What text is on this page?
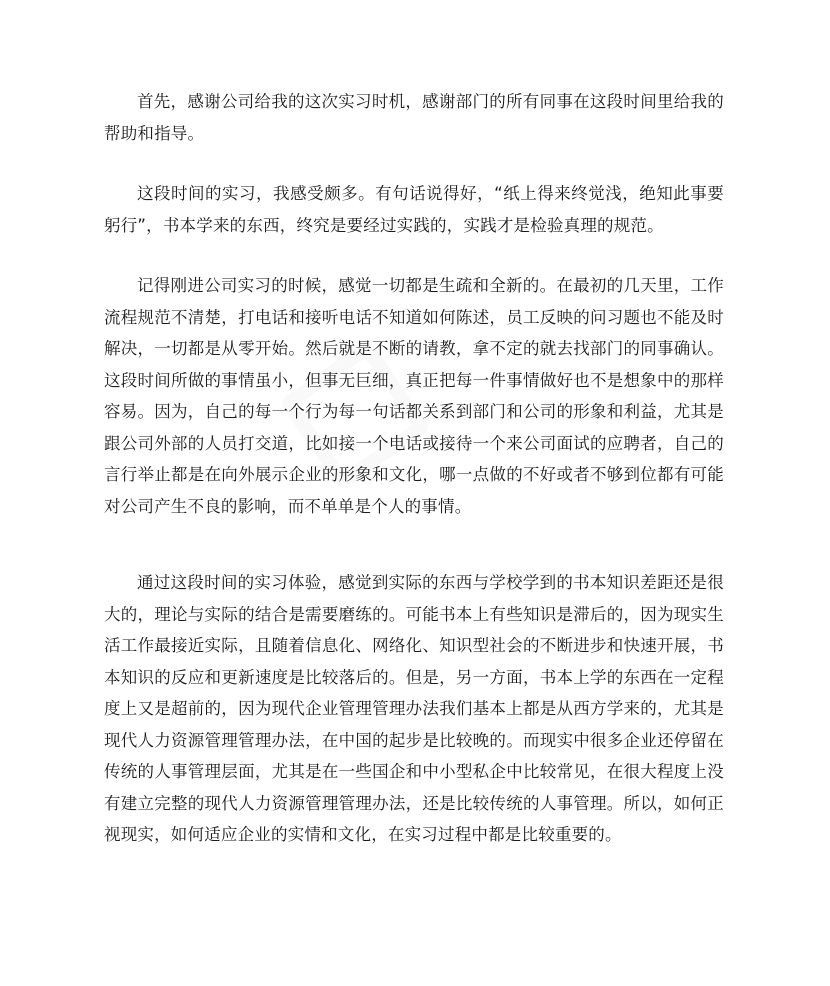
首先，感谢公司给我的这次实习时机，感谢部门的所有同事在这段时间里给我的帮助和指导。

这段时间的实习，我感受颇多。有句话说得好，“纸上得来终觉浅，绝知此事要躬行”，书本学来的东西，终究是要经过实践的，实践才是检验真理的规范。

记得刚进公司实习的时候，感觉一切都是生疏和全新的。在最初的几天里，工作流程规范不清楚，打电话和接听电话不知道如何陈述，员工反映的问习题也不能及时解决，一切都是从零开始。然后就是不断的请教，拿不定的就去找部门的同事确认。这段时间所做的事情虽小，但事无巨细，真正把每一件事情做好也不是想象中的那样容易。因为，自己的每一个行为每一句话都关系到部门和公司的形象和利益，尤其是跟公司外部的人员打交道，比如接一个电话或接待一个来公司面试的应聘者，自己的言行举止都是在向外展示企业的形象和文化，哪一点做的不好或者不够到位都有可能对公司产生不良的影响，而不单单是个人的事情。

通过这段时间的实习体验，感觉到实际的东西与学校学到的书本知识差距还是很大的，理论与实际的结合是需要磨练的。可能书本上有些知识是滞后的，因为现实生活工作最接近实际，且随着信息化、网络化、知识型社会的不断进步和快速开展，书本知识的反应和更新速度是比较落后的。但是，另一方面，书本上学的东西在一定程度上又是超前的，因为现代企业管理管理办法我们基本上都是从西方学来的，尤其是现代人力资源管理管理办法，在中国的起步是比较晚的。而现实中很多企业还停留在传统的人事管理层面，尤其是在一些国企和中小型私企中比较常见，在很大程度上没有建立完整的现代人力资源管理管理办法，还是比较传统的人事管理。所以，如何正视现实，如何适应企业的实情和文化，在实习过程中都是比较重要的。
